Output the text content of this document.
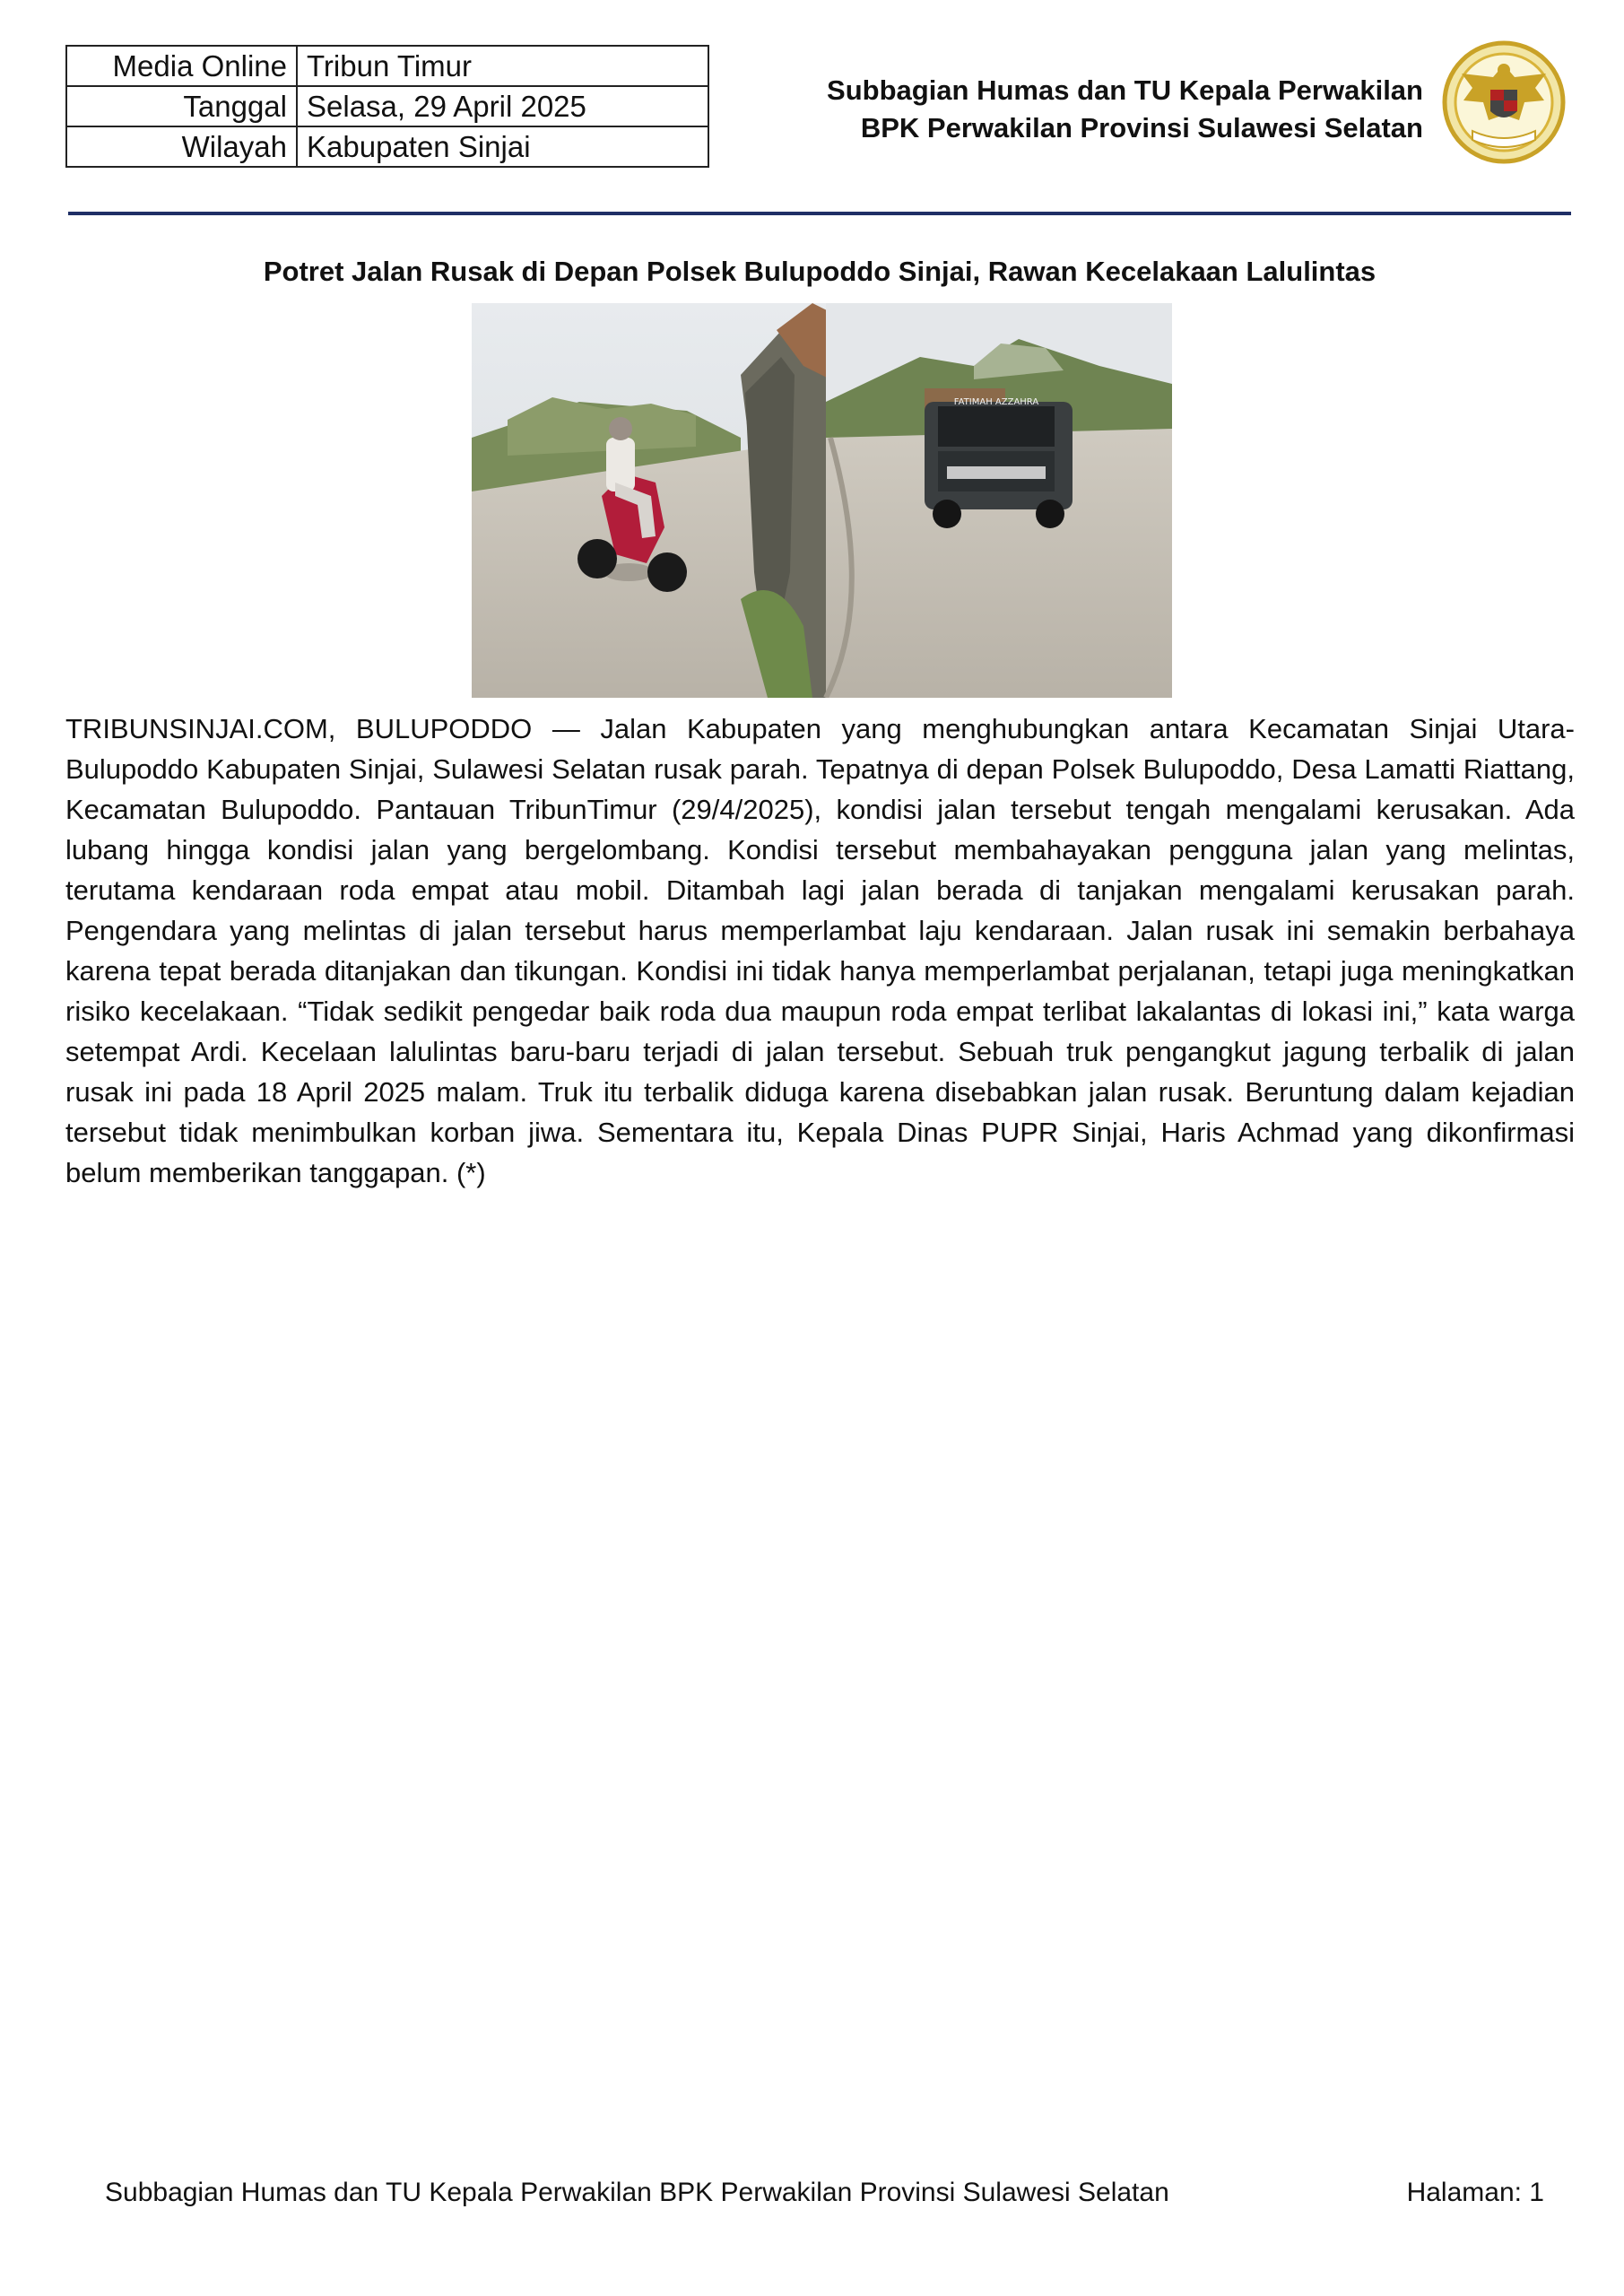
Media Online	Tribun Timur
Tanggal	Selasa, 29 April 2025
Wilayah	Kabupaten Sinjai
Subbagian Humas dan TU Kepala Perwakilan
BPK Perwakilan Provinsi Sulawesi Selatan
Potret Jalan Rusak di Depan Polsek Bulupoddo Sinjai, Rawan Kecelakaan Lalulintas
FATIMAH AZZAHRA

TRIBUNSINJAI.COM, BULUPODDO — Jalan Kabupaten yang menghubungkan antara Kecamatan Sinjai Utara-Bulupoddo Kabupaten Sinjai, Sulawesi Selatan rusak parah. Tepatnya di depan Polsek Bulupoddo, Desa Lamatti Riattang, Kecamatan Bulupoddo. Pantauan TribunTimur (29/4/2025), kondisi jalan tersebut tengah mengalami kerusakan. Ada lubang hingga kondisi jalan yang bergelombang. Kondisi tersebut membahayakan pengguna jalan yang melintas, terutama kendaraan roda empat atau mobil. Ditambah lagi jalan berada di tanjakan mengalami kerusakan parah. Pengendara yang melintas di jalan tersebut harus memperlambat laju kendaraan. Jalan rusak ini semakin berbahaya karena tepat berada ditanjakan dan tikungan. Kondisi ini tidak hanya memperlambat perjalanan, tetapi juga meningkatkan risiko kecelakaan. “Tidak sedikit pengedar baik roda dua maupun roda empat terlibat lakalantas di lokasi ini,” kata warga setempat Ardi. Kecelaan lalulintas baru-baru terjadi di jalan tersebut. Sebuah truk pengangkut jagung terbalik di jalan rusak ini pada 18 April 2025 malam. Truk itu terbalik diduga karena disebabkan jalan rusak. Beruntung dalam kejadian tersebut tidak menimbulkan korban jiwa. Sementara itu, Kepala Dinas PUPR Sinjai, Haris Achmad yang dikonfirmasi belum memberikan tanggapan. (*)

Subbagian Humas dan TU Kepala Perwakilan BPK Perwakilan Provinsi Sulawesi Selatan	Halaman: 1
